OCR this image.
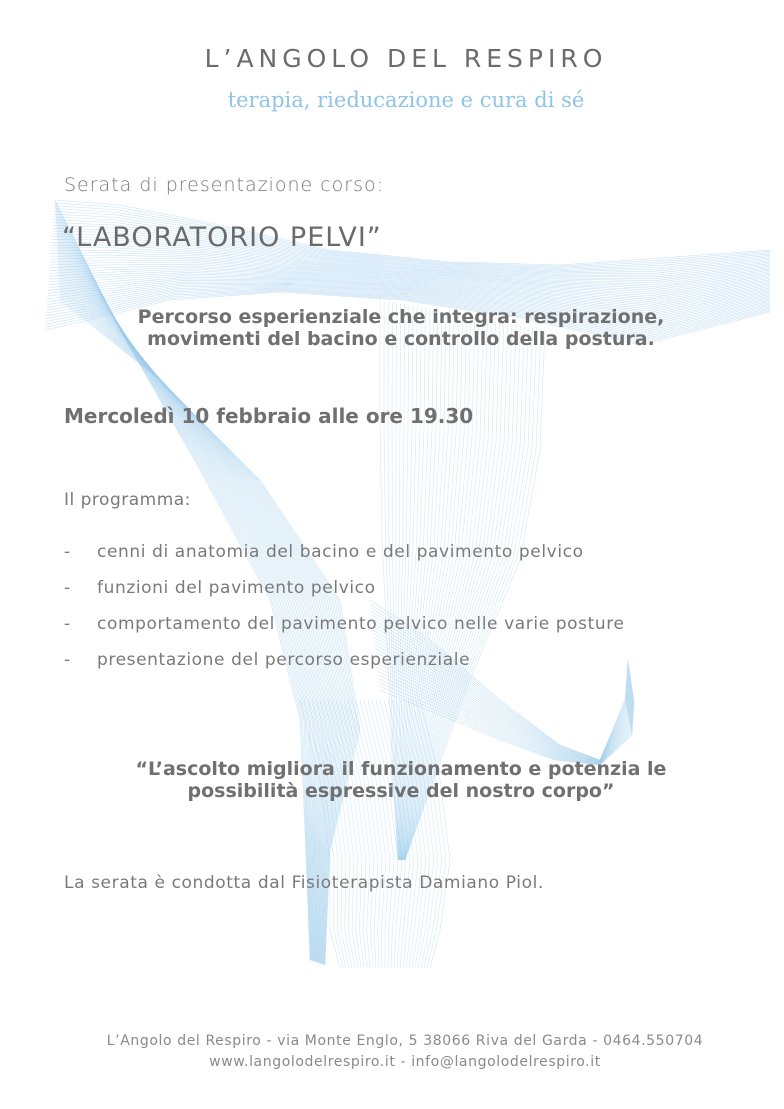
L’ANGOLO DEL RESPIRO
terapia, rieducazione e cura di sé
Serata di presentazione corso:
“LABORATORIO PELVI”
Percorso esperienziale che integra: respirazione,
movimenti del bacino e controllo della postura.
Mercoledì 10 febbraio alle ore 19.30
Il programma:
- cenni di anatomia del bacino e del pavimento pelvico
- funzioni del pavimento pelvico
- comportamento del pavimento pelvico nelle varie posture
- presentazione del percorso esperienziale
“L’ascolto migliora il funzionamento e potenzia le
possibilità espressive del nostro corpo”
La serata è condotta dal Fisioterapista Damiano Piol.
L’Angolo del Respiro - via Monte Englo, 5 38066 Riva del Garda - 0464.550704
www.langolodelrespiro.it - info@langolodelrespiro.it
